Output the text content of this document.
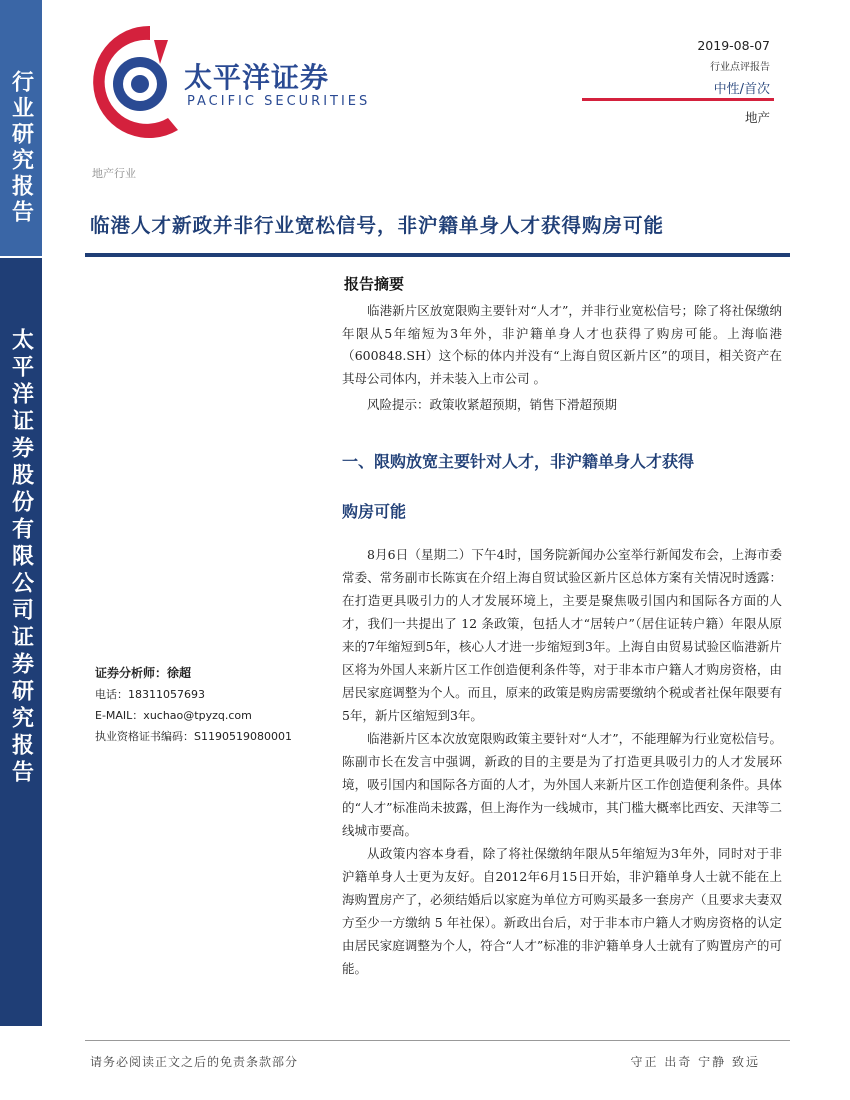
行业研究报告
太平洋证券股份有限公司证券研究报告
太平洋证券
PACIFIC SECURITIES
2019-08-07
行业点评报告
中性/首次
地产
地产行业
临港人才新政并非行业宽松信号，非沪籍单身人才获得购房可能
报告摘要

临港新片区放宽限购主要针对“人才”，并非行业宽松信号；除了将社保缴纳年限从5年缩短为3年外，非沪籍单身人才也获得了购房可能。上海临港（600848.SH）这个标的体内并没有“上海自贸区新片区”的项目，相关资产在其母公司体内，并未装入上市公司 。

风险提示：政策收紧超预期，销售下滑超预期

一、限购放宽主要针对人才，非沪籍单身人才获得
购房可能

8月6日（星期二）下午4时，国务院新闻办公室举行新闻发布会，上海市委常委、常务副市长陈寅在介绍上海自贸试验区新片区总体方案有关情况时透露：在打造更具吸引力的人才发展环境上，主要是聚焦吸引国内和国际各方面的人才，我们一共提出了 12 条政策，包括人才“居转户”（居住证转户籍）年限从原来的7年缩短到5年，核心人才进一步缩短到3年。上海自由贸易试验区临港新片区将为外国人来新片区工作创造便利条件等，对于非本市户籍人才购房资格，由居民家庭调整为个人。而且，原来的政策是购房需要缴纳个税或者社保年限要有5年，新片区缩短到3年。

临港新片区本次放宽限购政策主要针对“人才”，不能理解为行业宽松信号。陈副市长在发言中强调，新政的目的主要是为了打造更具吸引力的人才发展环境，吸引国内和国际各方面的人才，为外国人来新片区工作创造便利条件。具体的“人才”标准尚未披露，但上海作为一线城市，其门槛大概率比西安、天津等二线城市要高。

从政策内容本身看，除了将社保缴纳年限从5年缩短为3年外，同时对于非沪籍单身人士更为友好。自2012年6月15日开始，非沪籍单身人士就不能在上海购置房产了，必须结婚后以家庭为单位方可购买最多一套房产（且要求夫妻双方至少一方缴纳 5 年社保）。新政出台后，对于非本市户籍人才购房资格的认定由居民家庭调整为个人，符合“人才”标准的非沪籍单身人士就有了购置房产的可能。

证券分析师：徐超
电话：18311057693
E-MAIL：xuchao@tpyzq.com
执业资格证书编码：S1190519080001
请务必阅读正文之后的免责条款部分	守正 出奇 宁静 致远
